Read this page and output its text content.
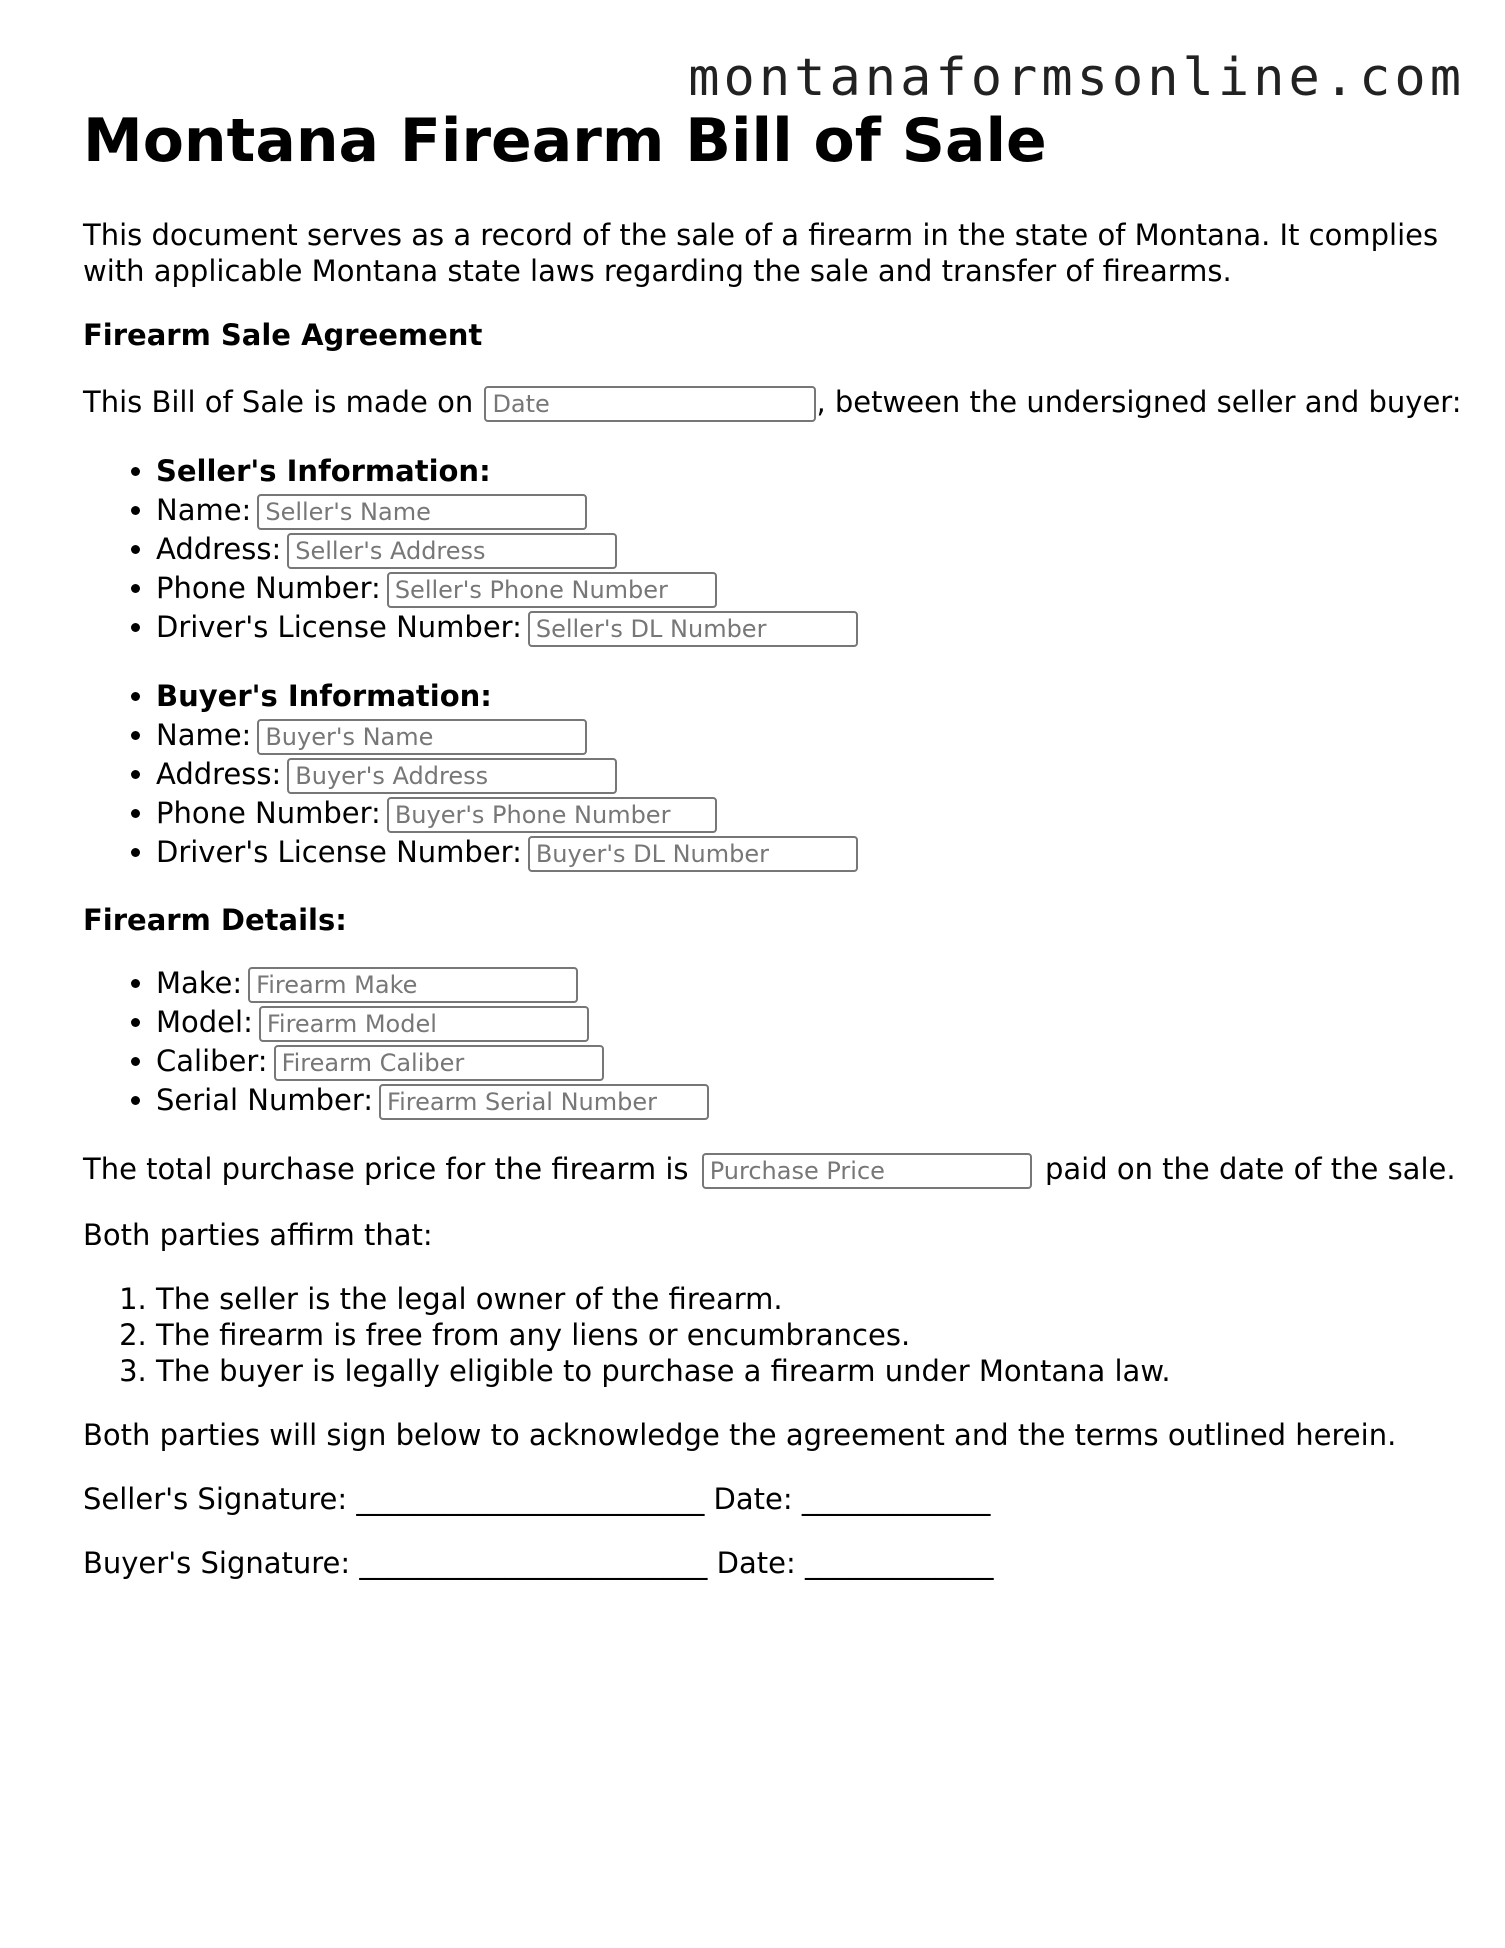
montanaformsonline.com
Montana Firearm Bill of Sale

This document serves as a record of the sale of a firearm in the state of Montana. It complies with applicable Montana state laws regarding the sale and transfer of firearms.

Firearm Sale Agreement

This Bill of Sale is made on Date	, between the undersigned seller and buyer:

• Seller's Information:
• Name:Seller's Name
• Address:Seller's Address
• Phone Number:Seller's Phone Number
• Driver's License Number:Seller's DL Number
• Buyer's Information:
• Name:Buyer's Name
• Address:Buyer's Address
• Phone Number:Buyer's Phone Number
• Driver's License Number:Buyer's DL Number
Firearm Details:
• Make:Firearm Make
• Model:Firearm Model
• Caliber:Firearm Caliber
• Serial Number:Firearm Serial Number

The total purchase price for the firearm is Purchase Price	paid on the date of the sale.

Both parties affirm that:

1. The seller is the legal owner of the firearm.
2. The firearm is free from any liens or encumbrances.
3. The buyer is legally eligible to purchase a firearm under Montana law.

Both parties will sign below to acknowledge the agreement and the terms outlined herein.

Seller's Signature: ________________________ Date: _____________

Buyer's Signature: ________________________ Date: _____________
